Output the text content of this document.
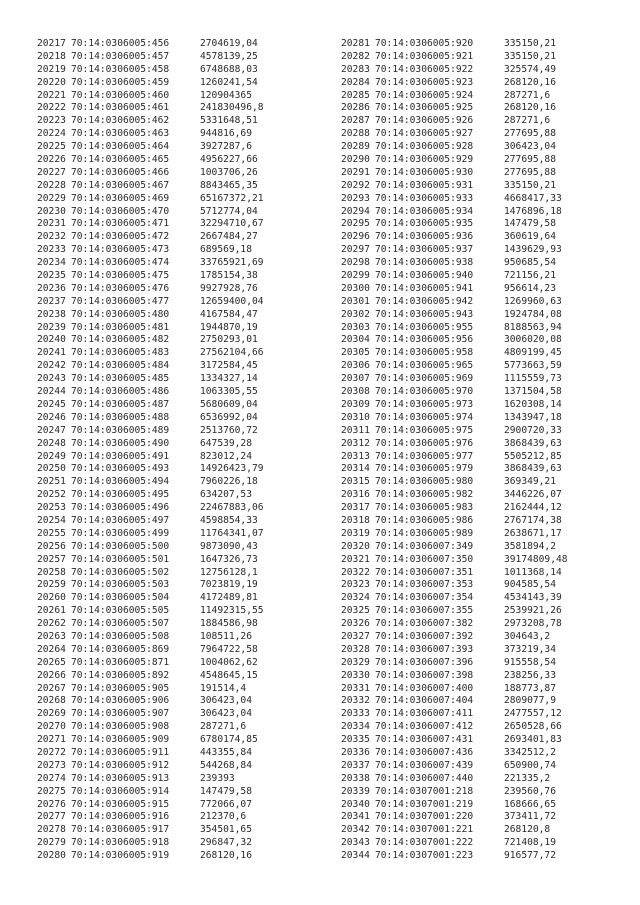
20217 70:14:0306005:456	2704619,04
20218 70:14:0306005:457	4578139,25
20219 70:14:0306005:458	6748688,03
20220 70:14:0306005:459	1260241,54
20221 70:14:0306005:460	120904365
20222 70:14:0306005:461	241830496,8
20223 70:14:0306005:462	5331648,51
20224 70:14:0306005:463	944816,69
20225 70:14:0306005:464	3927287,6
20226 70:14:0306005:465	4956227,66
20227 70:14:0306005:466	1003706,26
20228 70:14:0306005:467	8843465,35
20229 70:14:0306005:469	65167372,21
20230 70:14:0306005:470	5712774,04
20231 70:14:0306005:471	32294710,67
20232 70:14:0306005:472	2667484,27
20233 70:14:0306005:473	689569,18
20234 70:14:0306005:474	33765921,69
20235 70:14:0306005:475	1785154,38
20236 70:14:0306005:476	9927928,76
20237 70:14:0306005:477	12659400,04
20238 70:14:0306005:480	4167584,47
20239 70:14:0306005:481	1944870,19
20240 70:14:0306005:482	2750293,01
20241 70:14:0306005:483	27562104,66
20242 70:14:0306005:484	3172584,45
20243 70:14:0306005:485	1334327,14
20244 70:14:0306005:486	1063305,55
20245 70:14:0306005:487	5680609,04
20246 70:14:0306005:488	6536992,04
20247 70:14:0306005:489	2513760,72
20248 70:14:0306005:490	647539,28
20249 70:14:0306005:491	823012,24
20250 70:14:0306005:493	14926423,79
20251 70:14:0306005:494	7960226,18
20252 70:14:0306005:495	634207,53
20253 70:14:0306005:496	22467883,06
20254 70:14:0306005:497	4598854,33
20255 70:14:0306005:499	11764341,07
20256 70:14:0306005:500	9873090,43
20257 70:14:0306005:501	1647326,73
20258 70:14:0306005:502	12756128,1
20259 70:14:0306005:503	7023819,19
20260 70:14:0306005:504	4172489,81
20261 70:14:0306005:505	11492315,55
20262 70:14:0306005:507	1884586,98
20263 70:14:0306005:508	108511,26
20264 70:14:0306005:869	7964722,58
20265 70:14:0306005:871	1004062,62
20266 70:14:0306005:892	4548645,15
20267 70:14:0306005:905	191514,4
20268 70:14:0306005:906	306423,04
20269 70:14:0306005:907	306423,04
20270 70:14:0306005:908	287271,6
20271 70:14:0306005:909	6780174,85
20272 70:14:0306005:911	443355,84
20273 70:14:0306005:912	544268,84
20274 70:14:0306005:913	239393
20275 70:14:0306005:914	147479,58
20276 70:14:0306005:915	772066,07
20277 70:14:0306005:916	212370,6
20278 70:14:0306005:917	354501,65
20279 70:14:0306005:918	296847,32
20280 70:14:0306005:919	268120,16
20281 70:14:0306005:920	335150,21
20282 70:14:0306005:921	335150,21
20283 70:14:0306005:922	325574,49
20284 70:14:0306005:923	268120,16
20285 70:14:0306005:924	287271,6
20286 70:14:0306005:925	268120,16
20287 70:14:0306005:926	287271,6
20288 70:14:0306005:927	277695,88
20289 70:14:0306005:928	306423,04
20290 70:14:0306005:929	277695,88
20291 70:14:0306005:930	277695,88
20292 70:14:0306005:931	335150,21
20293 70:14:0306005:933	4668417,33
20294 70:14:0306005:934	1476896,18
20295 70:14:0306005:935	147479,58
20296 70:14:0306005:936	360619,64
20297 70:14:0306005:937	1439629,93
20298 70:14:0306005:938	950685,54
20299 70:14:0306005:940	721156,21
20300 70:14:0306005:941	956614,23
20301 70:14:0306005:942	1269960,63
20302 70:14:0306005:943	1924784,08
20303 70:14:0306005:955	8188563,94
20304 70:14:0306005:956	3006020,08
20305 70:14:0306005:958	4809199,45
20306 70:14:0306005:965	5773663,59
20307 70:14:0306005:969	1115559,73
20308 70:14:0306005:970	1371504,58
20309 70:14:0306005:973	1620308,14
20310 70:14:0306005:974	1343947,18
20311 70:14:0306005:975	2900720,33
20312 70:14:0306005:976	3868439,63
20313 70:14:0306005:977	5505212,85
20314 70:14:0306005:979	3868439,63
20315 70:14:0306005:980	369349,21
20316 70:14:0306005:982	3446226,07
20317 70:14:0306005:983	2162444,12
20318 70:14:0306005:986	2767174,38
20319 70:14:0306005:989	2638671,17
20320 70:14:0306007:349	3581894,2
20321 70:14:0306007:350	39174809,48
20322 70:14:0306007:351	1011368,14
20323 70:14:0306007:353	904585,54
20324 70:14:0306007:354	4534143,39
20325 70:14:0306007:355	2539921,26
20326 70:14:0306007:382	2973208,78
20327 70:14:0306007:392	304643,2
20328 70:14:0306007:393	373219,34
20329 70:14:0306007:396	915558,54
20330 70:14:0306007:398	238256,33
20331 70:14:0306007:400	188773,87
20332 70:14:0306007:404	2809077,9
20333 70:14:0306007:411	2477557,12
20334 70:14:0306007:412	2650528,66
20335 70:14:0306007:431	2693401,83
20336 70:14:0306007:436	3342512,2
20337 70:14:0306007:439	650900,74
20338 70:14:0306007:440	221335,2
20339 70:14:0307001:218	239560,76
20340 70:14:0307001:219	168666,65
20341 70:14:0307001:220	373411,72
20342 70:14:0307001:221	268120,8
20343 70:14:0307001:222	721408,19
20344 70:14:0307001:223	916577,72
